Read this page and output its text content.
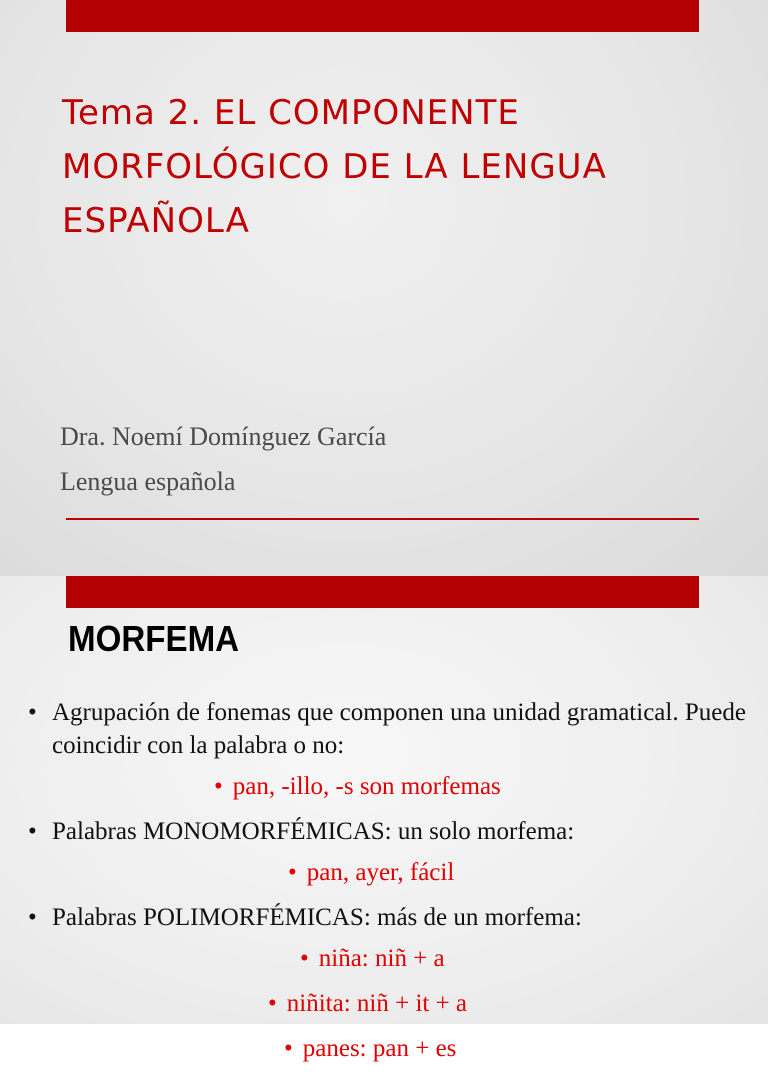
Tema 2. EL COMPONENTE MORFOLÓGICO DE LA LENGUA ESPAÑOLA
Dra. Noemí Domínguez García
Lengua española
MORFEMA
• Agrupación de fonemas que componen una unidad gramatical. Puede coincidir con la palabra o no:
• pan, -illo, -s son morfemas
• Palabras MONOMORFÉMICAS: un solo morfema:
• pan, ayer, fácil
• Palabras POLIMORFÉMICAS: más de un morfema:
• niña: niñ + a
• niñita: niñ + it + a
• panes: pan + es
